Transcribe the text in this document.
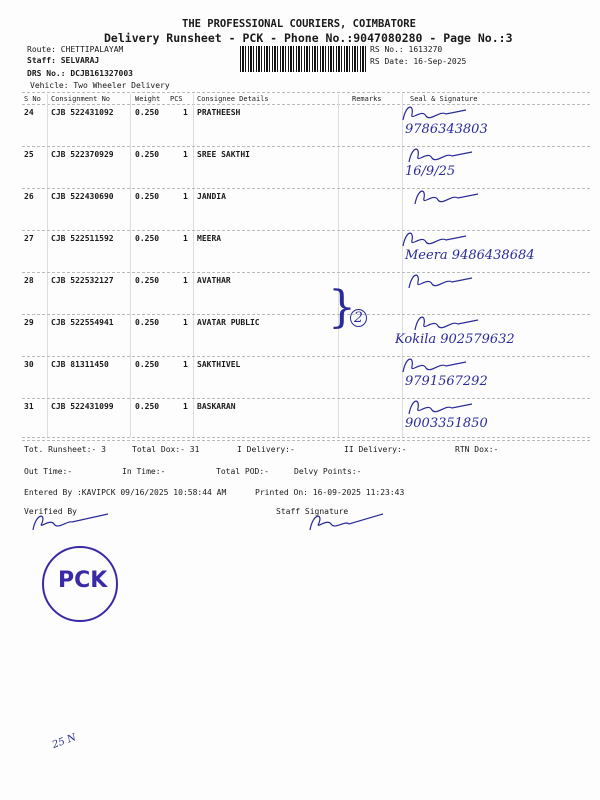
THE PROFESSIONAL COURIERS, COIMBATORE
Delivery Runsheet - PCK - Phone No.:9047080280 - Page No.:3
Route: CHETTIPALAYAM
Staff: SELVARAJ
DRS No.: DCJB161327003
Vehicle: Two Wheeler Delivery
RS No.: 1613270
RS Date: 16-Sep-2025
S No Consignment No	Weight PCS Consignee Details	Remarks	Seal & Signature
24 CJB 522431092	0.250	1 PRATHEESH
9786343803
25 CJB 522370929	0.250	1 SREE SAKTHI
16/9/25
26 CJB 522430690	0.250	1 JANDIA
27 CJB 522511592	0.250	1 MEERA
Meera 9486438684
28 CJB 522532127	0.250	1 AVATHAR
29 CJB 522554941	0.250	1 AVATAR PUBLIC
Kokila 9025796​32
30 CJB 81311450	0.250	1 SAKTHIVEL
9791567292
31 CJB 522431099	0.250	1 BASKARAN
9003351850
}
2
Tot. Runsheet:- 3	Total Dox:- 31	I Delivery:-	II Delivery:-	RTN Dox:-
Out Time:-	In Time:-	Total POD:-	Delvy Points:-
Entered By :KAVIPCK 09/16/2025 10:58:44 AM	Printed On: 16-09-2025 11:23:43
Verified By	Staff Signature
PCK
25 N
